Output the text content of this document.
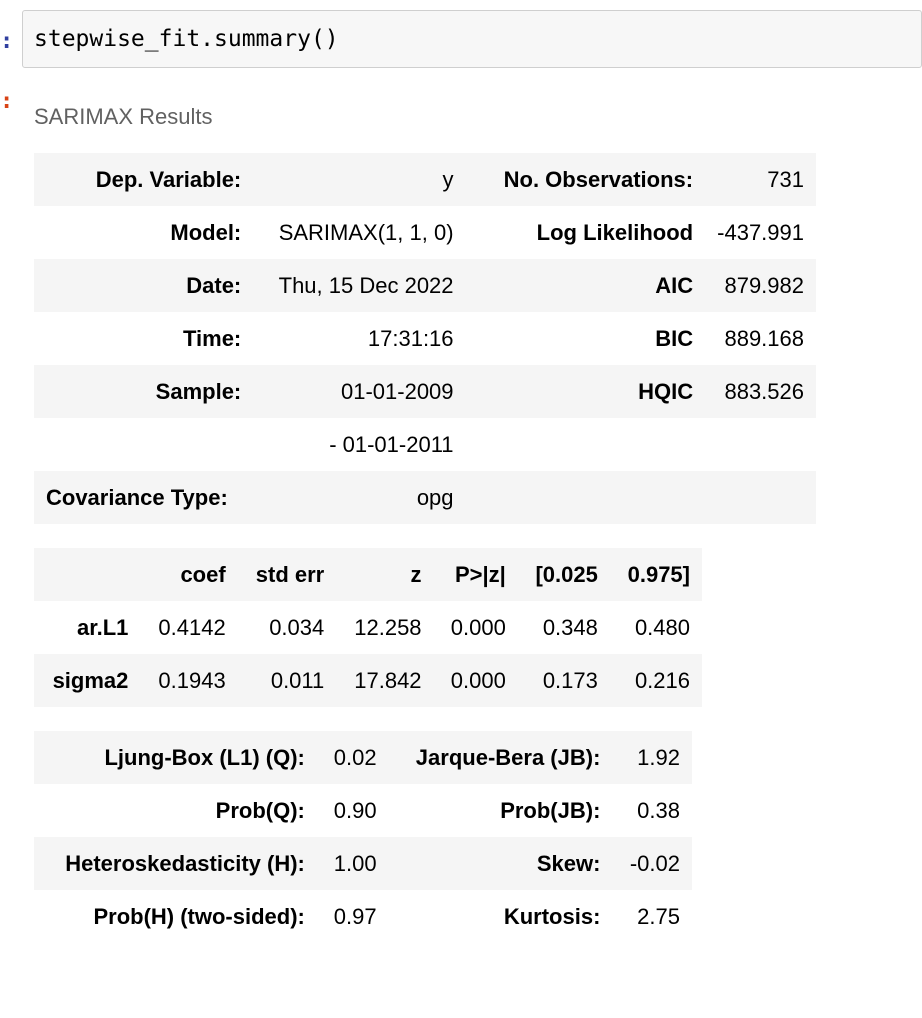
: stepwise_fit.summary()
:
SARIMAX Results
Dep. Variable:	y	No. Observations:	731
Model:	SARIMAX(1, 1, 0)	Log Likelihood	-437.991
Date:	Thu, 15 Dec 2022	AIC	879.982
Time:	17:31:16	BIC	889.168
Sample:	01-01-2009	HQIC	883.526
	- 01-01-2011		
Covariance Type:	opg		
	coef	std err	z	P>|z|	[0.025	0.975]
ar.L1	0.4142	0.034	12.258	0.000	0.348	0.480
sigma2	0.1943	0.011	17.842	0.000	0.173	0.216
Ljung-Box (L1) (Q):	0.02	Jarque-Bera (JB):	1.92
Prob(Q):	0.90	Prob(JB):	0.38
Heteroskedasticity (H):	1.00	Skew:	-0.02
Prob(H) (two-sided):	0.97	Kurtosis:	2.75
